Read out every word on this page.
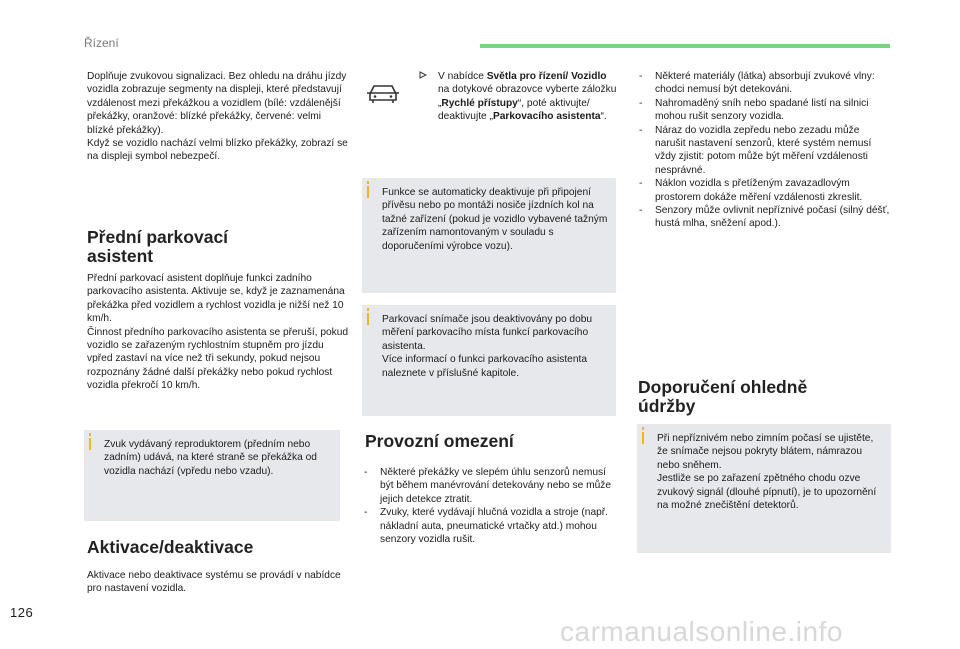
Řízení

Doplňuje zvukovou signalizaci. Bez ohledu na dráhu jízdy vozidla zobrazuje segmenty na displeji, které představují vzdálenost mezi překážkou a vozidlem (bílé: vzdálenější překážky, oranžové: blízké překážky, červené: velmi blízké překážky).

Když se vozidlo nachází velmi blízko překážky, zobrazí se na displeji symbol nebezpečí.

Přední parkovací asistent

Přední parkovací asistent doplňuje funkci zadního parkovacího asistenta. Aktivuje se, když je zaznamenána překážka před vozidlem a rychlost vozidla je nižší než 10 km/h.

Činnost předního parkovacího asistenta se přeruší, pokud vozidlo se zařazeným rychlostním stupněm pro jízdu vpřed zastaví na více než tři sekundy, pokud nejsou rozpoznány žádné další překážky nebo pokud rychlost vozidla překročí 10 km/h.

Zvuk vydávaný reproduktorem (předním nebo zadním) udává, na které straně se překážka od vozidla nachází (vpředu nebo vzadu).
Aktivace/deaktivace
Aktivace nebo deaktivace systému se provádí v nabídce pro nastavení vozidla.
V nabídce Světla pro řízení/ Vozidlo na dotykové obrazovce vyberte záložku „Rychlé přístupy“, poté aktivujte/ deaktivujte „Parkovacího asistenta“.
Funkce se automaticky deaktivuje při připojení přívěsu nebo po montáži nosiče jízdních kol na tažné zařízení (pokud je vozidlo vybavené tažným zařízením namontovaným v souladu s doporučeními výrobce vozu).

Parkovací snímače jsou deaktivovány po dobu měření parkovacího místa funkcí parkovacího asistenta.

Více informací o funkci parkovacího asistenta naleznete v příslušné kapitole.

Provozní omezení
- Některé překážky ve slepém úhlu senzorů nemusí být během manévrování detekovány nebo se může jejich detekce ztratit.
- Zvuky, které vydávají hlučná vozidla a stroje (např. nákladní auta, pneumatické vrtačky atd.) mohou senzory vozidla rušit.
- Některé materiály (látka) absorbují zvukové vlny: chodci nemusí být detekováni.
- Nahromaděný sníh nebo spadané listí na silnici mohou rušit senzory vozidla.
- Náraz do vozidla zepředu nebo zezadu může narušit nastavení senzorů, které systém nemusí vždy zjistit: potom může být měření vzdálenosti nesprávné.
- Náklon vozidla s přetíženým zavazadlovým prostorem dokáže měření vzdálenosti zkreslit.
- Senzory může ovlivnit nepříznivé počasí (silný déšť, hustá mlha, sněžení apod.).
Doporučení ohledně údržby

Při nepříznivém nebo zimním počasí se ujistěte, že snímače nejsou pokryty blátem, námrazou nebo sněhem.

Jestliže se po zařazení zpětného chodu ozve zvukový signál (dlouhé pípnutí), je to upozornění na možné znečištění detektorů.

126
carmanualsonline.info
